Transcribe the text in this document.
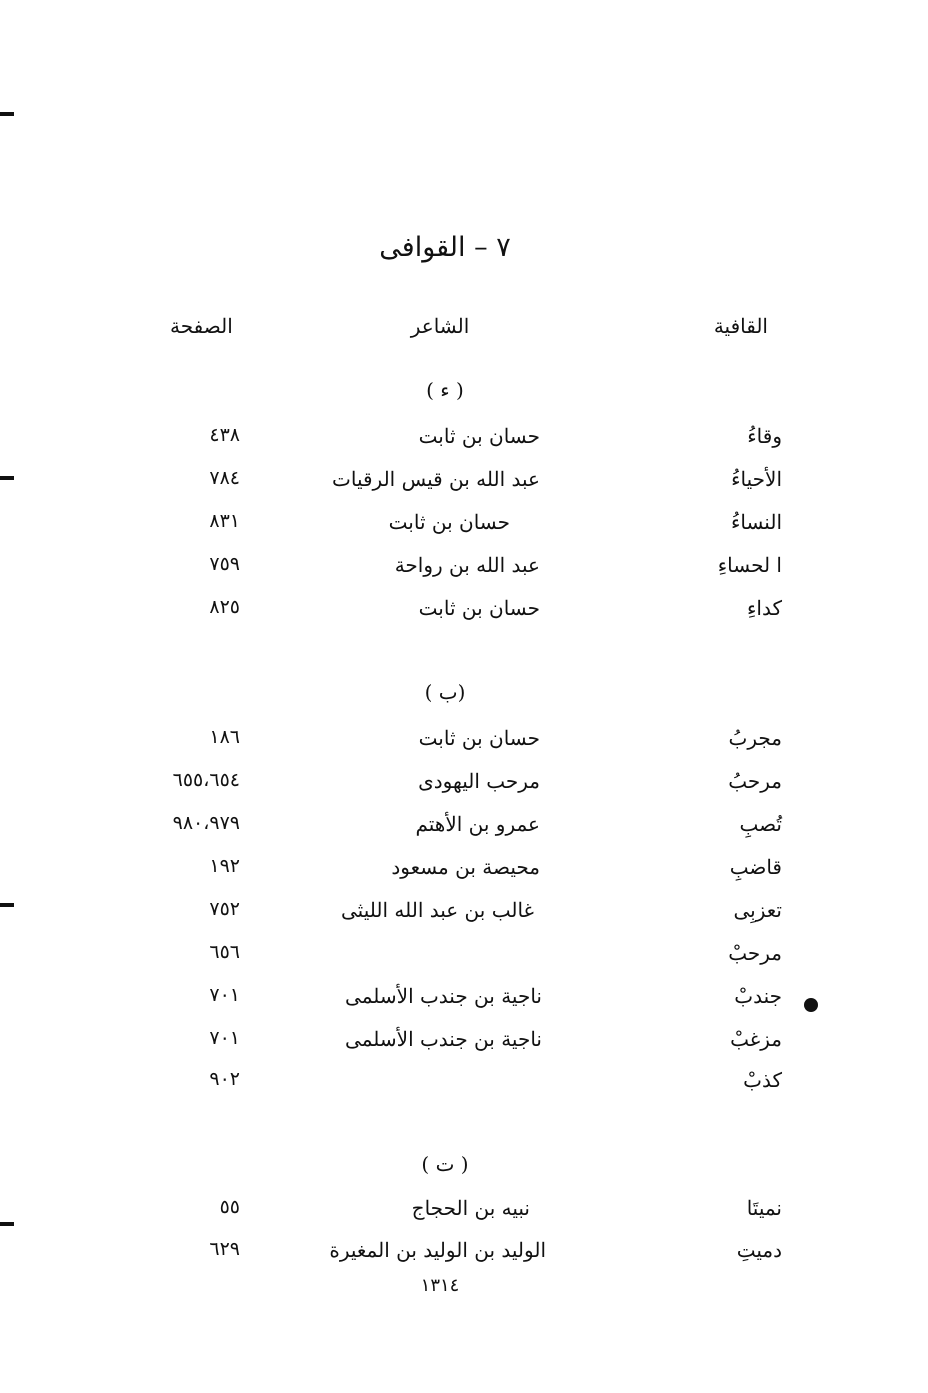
٧ – القوافى
القافية
الشاعر
الصفحة
( ء )
وقاءُ
حسان بن ثابت
٤٣٨
الأحياءُ
عبد الله بن قيس الرقيات
٧٨٤
النساءُ
حسان بن ثابت
٨٣١
ا لحساءِ
عبد الله بن رواحة
٧٥٩
كداءِ
حسان بن ثابت
٨٢٥
(ب )
مجربُ
حسان بن ثابت
١٨٦
مرحبُ
مرحب اليهودى
٦٥٥،٦٥٤
تُصبِ
عمرو بن الأهتم
٩٨٠،٩٧٩
قاضبِ
محيصة بن مسعود
١٩٢
تعزبِى
غالب بن عبد الله الليثى
٧٥٢
مرحبْ
٦٥٦
جندبْ
ناجية بن جندب الأسلمى
٧٠١
مزغبْ
ناجية بن جندب الأسلمى
٧٠١
كذبْ
٩٠٢
( ت )
نميتَا
نبيه بن الحجاج
٥٥
دميتِ
الوليد بن الوليد بن المغيرة
٦٢٩
١٣١٤
